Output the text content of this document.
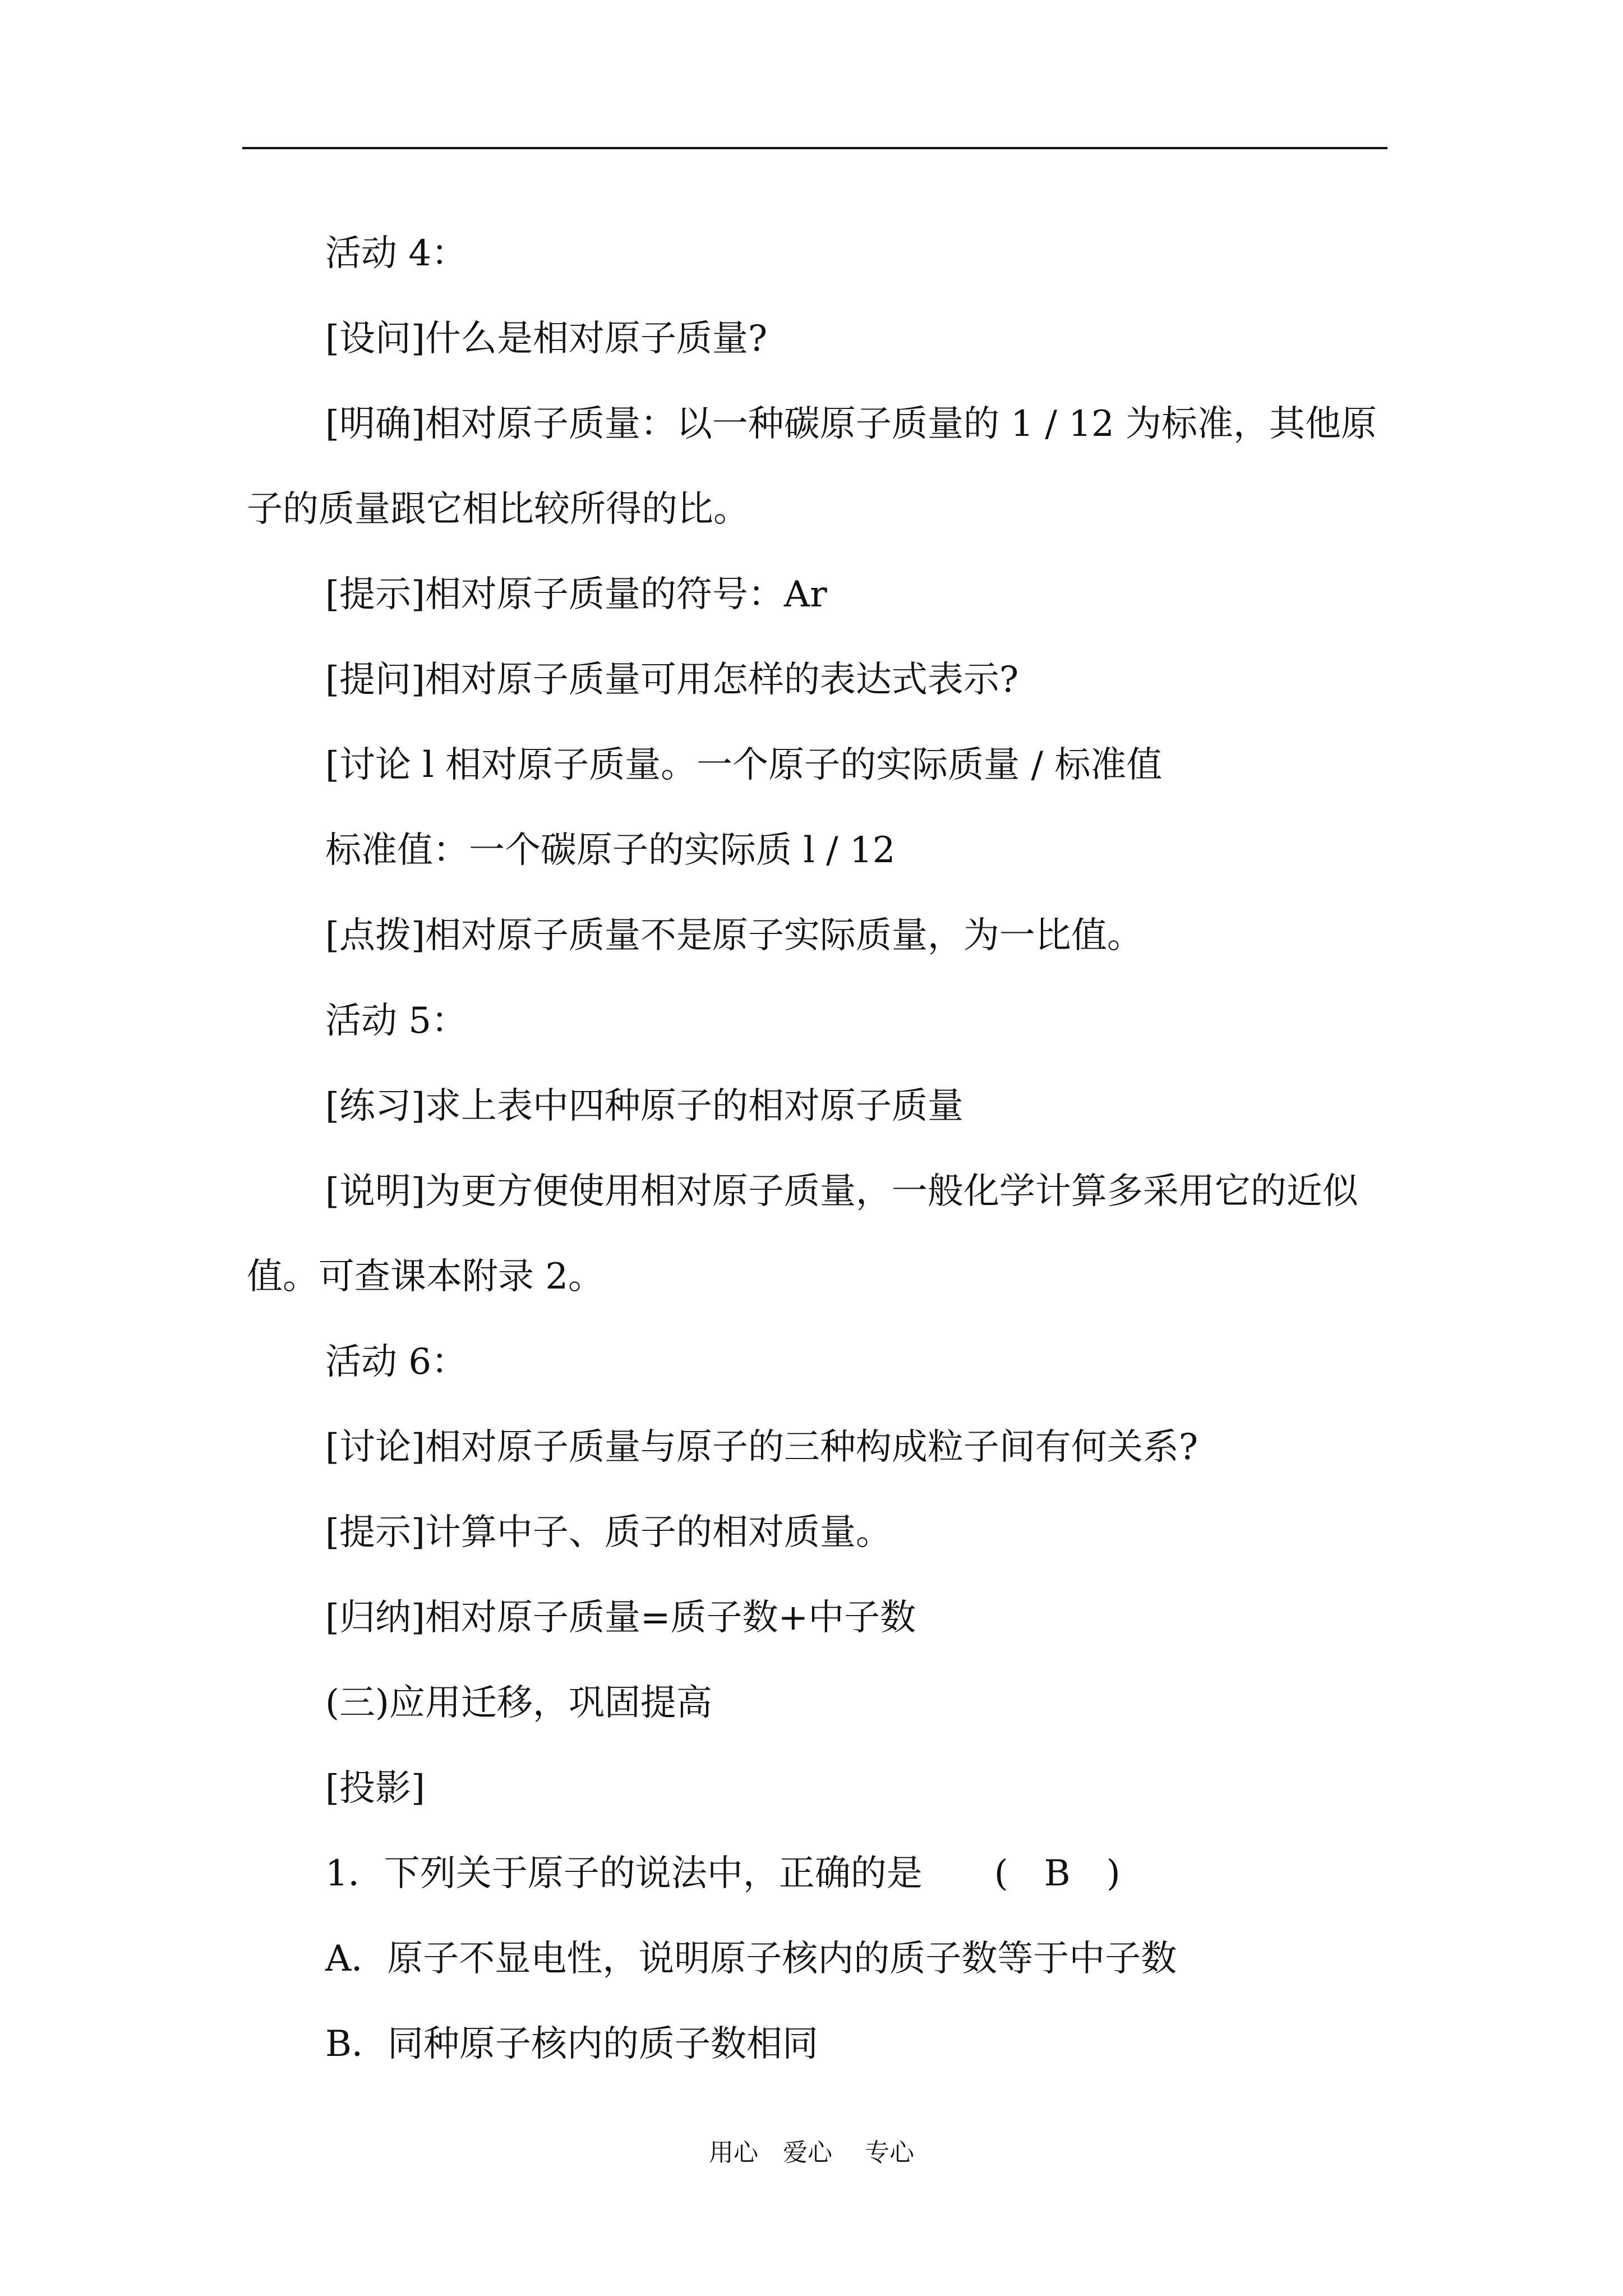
活动 4：

[设问]什么是相对原子质量?

[明确]相对原子质量：以一种碳原子质量的 1 / 12 为标准，其他原子的质量跟它相比较所得的比。

[提示]相对原子质量的符号：Ar

[提问]相对原子质量可用怎样的表达式表示?

[讨论 l 相对原子质量。一个原子的实际质量 / 标准值

标准值：一个碳原子的实际质 l / 12

[点拨]相对原子质量不是原子实际质量，为一比值。

活动 5：

[练习]求上表中四种原子的相对原子质量

[说明]为更方便使用相对原子质量，一般化学计算多采用它的近似值。可查课本附录 2。

活动 6：

[讨论]相对原子质量与原子的三种构成粒子间有何关系?

[提示]计算中子、质子的相对质量。

[归纳]相对原子质量=质子数+中子数

(三)应用迁移，巩固提高

[投影]

1．下列关于原子的说法中，正确的是　　(　B　)

A．原子不显电性，说明原子核内的质子数等于中子数

B．同种原子核内的质子数相同

用心　爱心　 专心
